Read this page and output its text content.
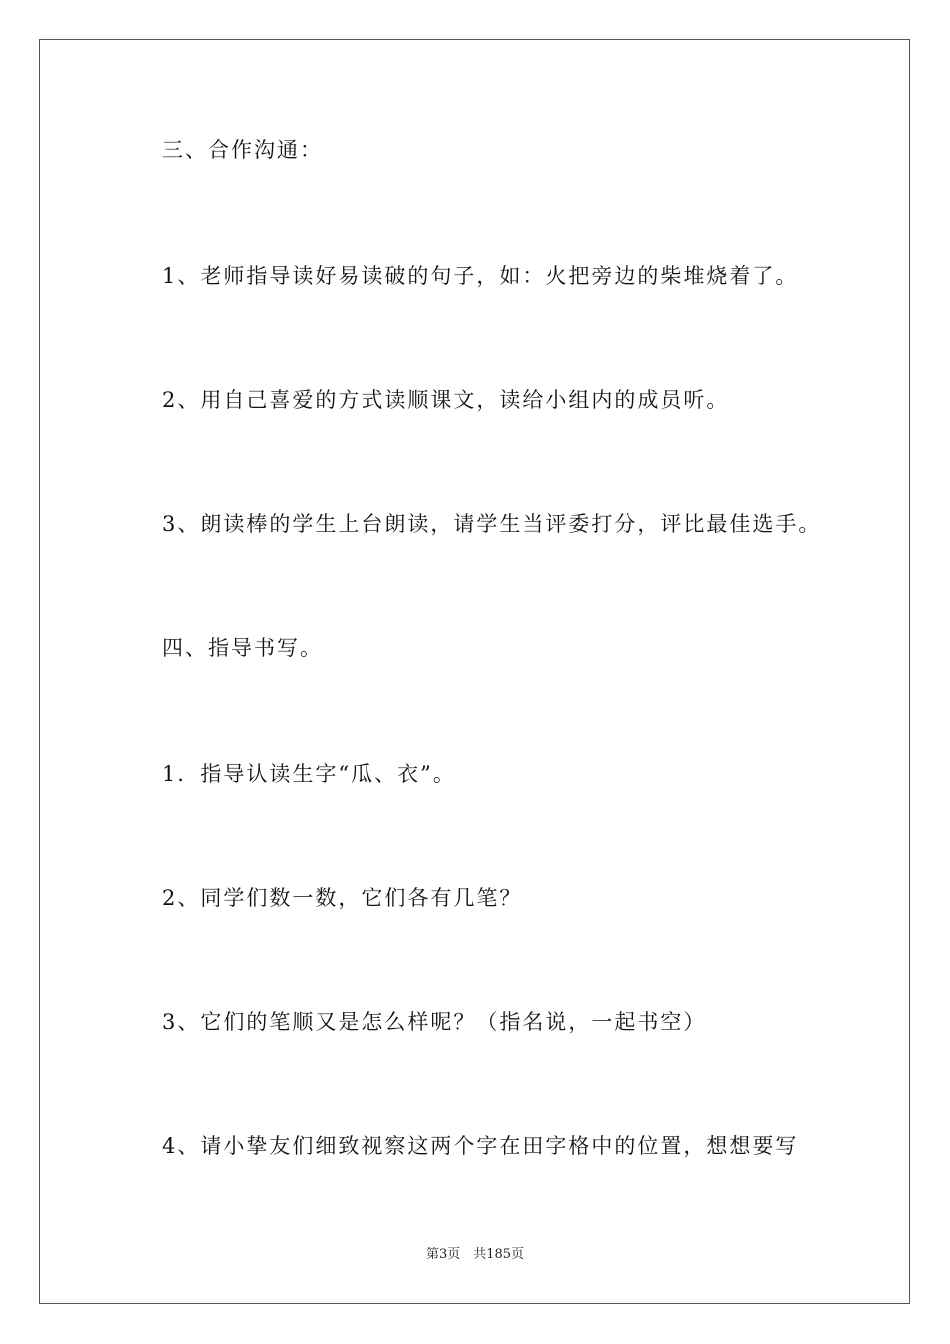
三、合作沟通：
1、老师指导读好易读破的句子，如：火把旁边的柴堆烧着了。
2、用自己喜爱的方式读顺课文，读给小组内的成员听。
3、朗读棒的学生上台朗读，请学生当评委打分，评比最佳选手。
四、指导书写。
1．指导认读生字“瓜、衣”。
2、同学们数一数，它们各有几笔？
3、它们的笔顺又是怎么样呢？（指名说，一起书空）
4、请小挚友们细致视察这两个字在田字格中的位置，想想要写
第3页　共185页
